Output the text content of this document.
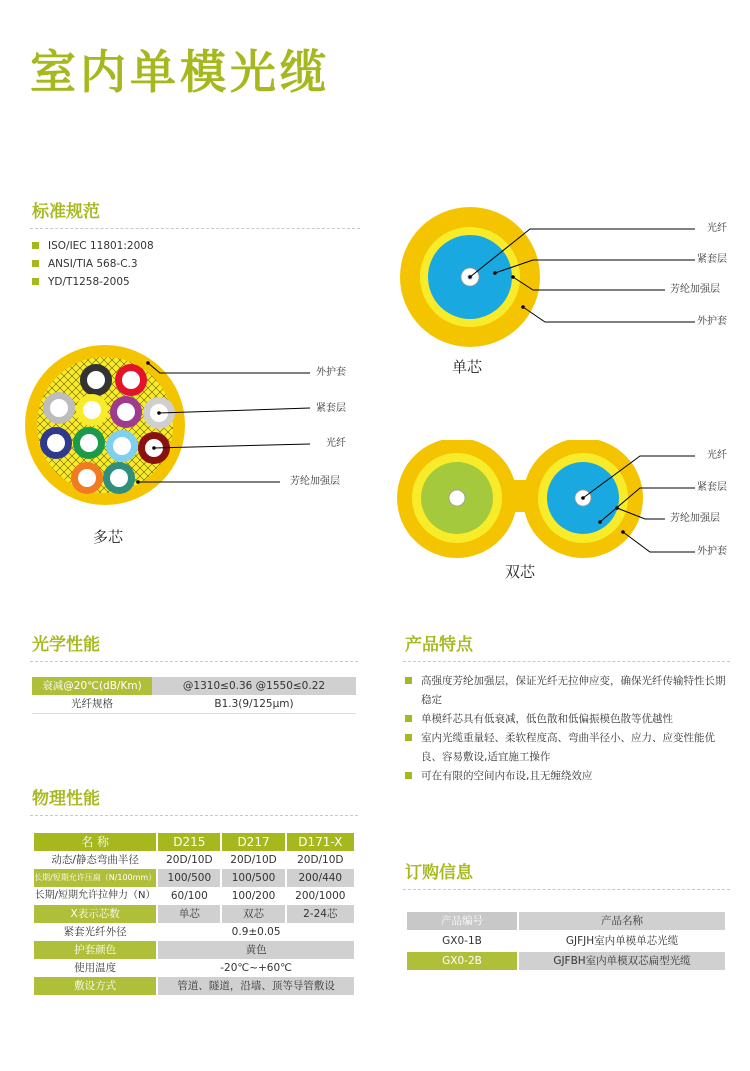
室内单模光缆
标准规范
ISO/IEC 11801:2008
ANSI/TIA 568-C.3
YD/T1258-2005
光纤
紧套层
芳纶加强层
外护套
单芯
外护套
紧套层
光纤
芳纶加强层
多芯
光纤
紧套层
芳纶加强层
外护套
双芯
光学性能
衰减@20℃(dB/Km)	@1310≤0.36 @1550≤0.22
光纤规格	B1.3(9/125μm)
产品特点
高强度芳纶加强层，保证光纤无拉伸应变，确保光纤传输特性长期稳定
单模纤芯具有低衰减，低色散和低偏振模色散等优越性
室内光缆重量轻、柔软程度高、弯曲半径小、应力、应变性能优良、容易敷设,适宜施工操作
可在有限的空间内布设,且无缠绕效应
物理性能
名 称	D215	D217	D171-X
动态/静态弯曲半径	20D/10D	20D/10D	20D/10D
长期/短期允许压扁（N/100mm）	100/500	100/500	200/440
长期/短期允许拉伸力（N）	60/100	100/200	200/1000
X表示芯数	单芯	双芯	2-24芯
紧套光纤外径	0.9±0.05		
护套颜色	黄色		
使用温度	-20℃~+60℃		
敷设方式	管道、隧道，沿墙、顶等导管敷设		
订购信息
产品编号	产品名称
GX0-1B	GJFJH室内单模单芯光缆
GX0-2B	GJFBH室内单模双芯扁型光缆
